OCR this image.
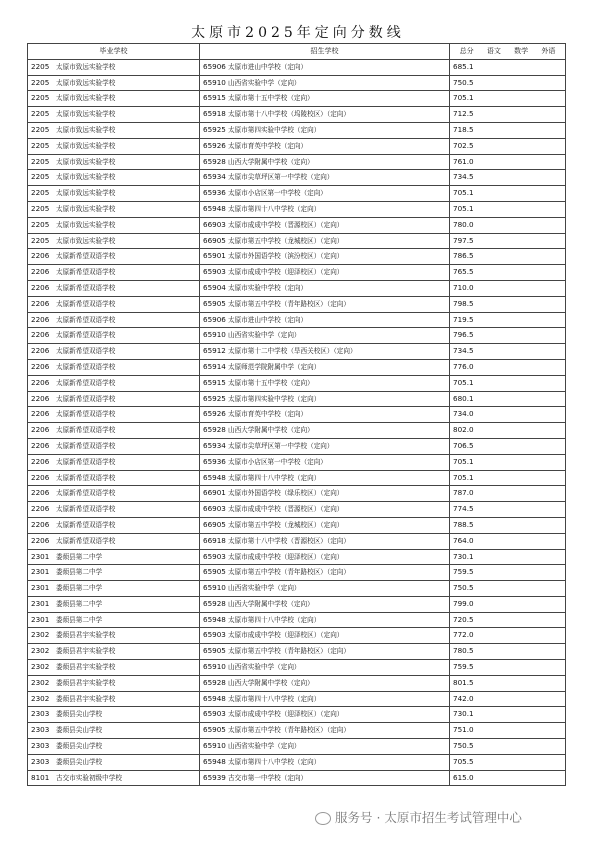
太原市2025年定向分数线
毕业学校	招生学校	总分 语文 数学 外语
2205 太原市致远实验学校	65906 太原市进山中学校（定向）	685.1
2205 太原市致远实验学校	65910 山西省实验中学（定向）	750.5
2205 太原市致远实验学校	65915 太原市第十五中学校（定向）	705.1
2205 太原市致远实验学校	65918 太原市第十八中学校（坞陵校区）（定向）	712.5
2205 太原市致远实验学校	65925 太原市第四实验中学校（定向）	718.5
2205 太原市致远实验学校	65926 太原市育英中学校（定向）	702.5
2205 太原市致远实验学校	65928 山西大学附属中学校（定向）	761.0
2205 太原市致远实验学校	65934 太原市尖草坪区第一中学校（定向）	734.5
2205 太原市致远实验学校	65936 太原市小店区第一中学校（定向）	705.1
2205 太原市致远实验学校	65948 太原市第四十八中学校（定向）	705.1
2205 太原市致远实验学校	66903 太原市成成中学校（晋源校区）（定向）	780.0
2205 太原市致远实验学校	66905 太原市第五中学校（龙城校区）（定向）	797.5
2206 太原新希望双语学校	65901 太原市外国语学校（滨汾校区）（定向）	786.5
2206 太原新希望双语学校	65903 太原市成成中学校（迎泽校区）（定向）	765.5
2206 太原新希望双语学校	65904 太原市实验中学校（定向）	710.0
2206 太原新希望双语学校	65905 太原市第五中学校（青年路校区）（定向）	798.5
2206 太原新希望双语学校	65906 太原市进山中学校（定向）	719.5
2206 太原新希望双语学校	65910 山西省实验中学（定向）	796.5
2206 太原新希望双语学校	65912 太原市第十二中学校（旱西关校区）（定向）	734.5
2206 太原新希望双语学校	65914 太原师范学院附属中学（定向）	776.0
2206 太原新希望双语学校	65915 太原市第十五中学校（定向）	705.1
2206 太原新希望双语学校	65925 太原市第四实验中学校（定向）	680.1
2206 太原新希望双语学校	65926 太原市育英中学校（定向）	734.0
2206 太原新希望双语学校	65928 山西大学附属中学校（定向）	802.0
2206 太原新希望双语学校	65934 太原市尖草坪区第一中学校（定向）	706.5
2206 太原新希望双语学校	65936 太原市小店区第一中学校（定向）	705.1
2206 太原新希望双语学校	65948 太原市第四十八中学校（定向）	705.1
2206 太原新希望双语学校	66901 太原市外国语学校（绿乐校区）（定向）	787.0
2206 太原新希望双语学校	66903 太原市成成中学校（晋源校区）（定向）	774.5
2206 太原新希望双语学校	66905 太原市第五中学校（龙城校区）（定向）	788.5
2206 太原新希望双语学校	66918 太原市第十八中学校（晋源校区）（定向）	764.0
2301 娄烦县第二中学	65903 太原市成成中学校（迎泽校区）（定向）	730.1
2301 娄烦县第二中学	65905 太原市第五中学校（青年路校区）（定向）	759.5
2301 娄烦县第二中学	65910 山西省实验中学（定向）	750.5
2301 娄烦县第二中学	65928 山西大学附属中学校（定向）	799.0
2301 娄烦县第二中学	65948 太原市第四十八中学校（定向）	720.5
2302 娄烦县君宇实验学校	65903 太原市成成中学校（迎泽校区）（定向）	772.0
2302 娄烦县君宇实验学校	65905 太原市第五中学校（青年路校区）（定向）	780.5
2302 娄烦县君宇实验学校	65910 山西省实验中学（定向）	759.5
2302 娄烦县君宇实验学校	65928 山西大学附属中学校（定向）	801.5
2302 娄烦县君宇实验学校	65948 太原市第四十八中学校（定向）	742.0
2303 娄烦县尖山学校	65903 太原市成成中学校（迎泽校区）（定向）	730.1
2303 娄烦县尖山学校	65905 太原市第五中学校（青年路校区）（定向）	751.0
2303 娄烦县尖山学校	65910 山西省实验中学（定向）	750.5
2303 娄烦县尖山学校	65948 太原市第四十八中学校（定向）	705.5
8101 古交市实验初级中学校	65939 古交市第一中学校（定向）	615.0
服务号 · 太原市招生考试管理中心
